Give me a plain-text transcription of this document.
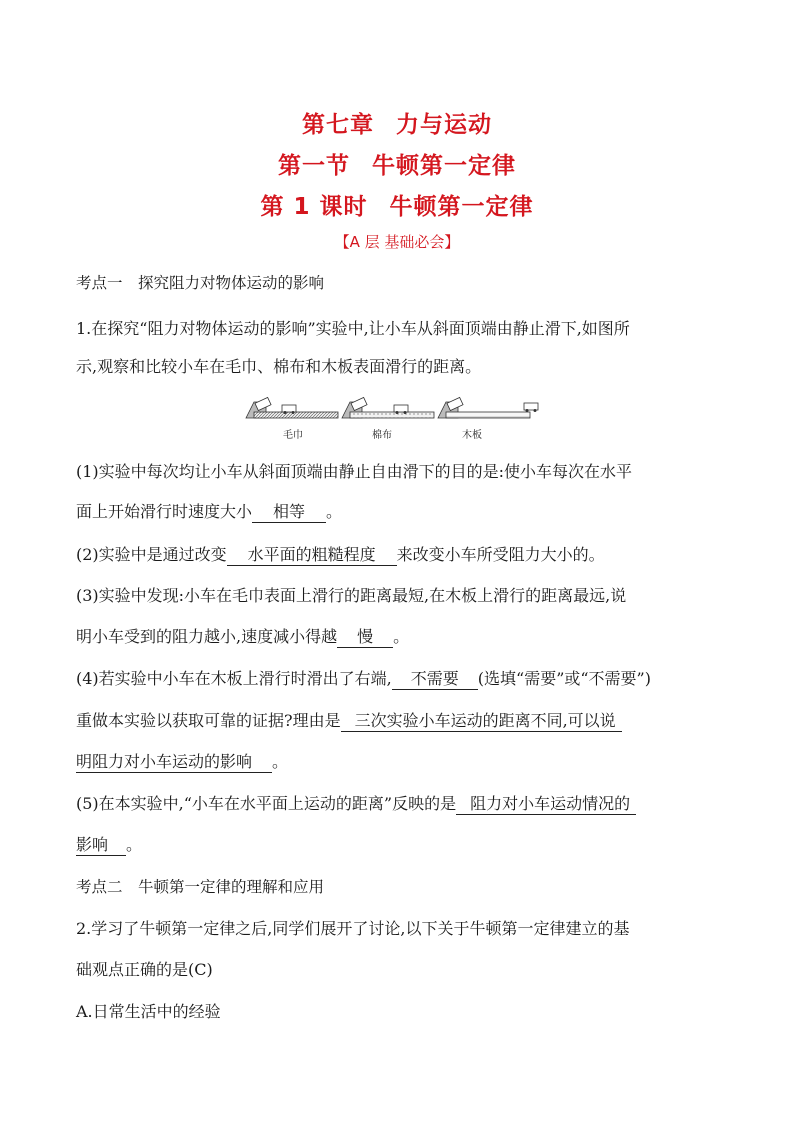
第七章 力与运动
第一节 牛顿第一定律
第 1 课时 牛顿第一定律
【A 层 基础必会】
考点一　探究阻力对物体运动的影响
1.在探究“阻力对物体运动的影响”实验中,让小车从斜面顶端由静止滑下,如图所
示,观察和比较小车在毛巾、棉布和木板表面滑行的距离。
毛巾	棉布	木板
(1)实验中每次均让小车从斜面顶端由静止自由滑下的目的是:使小车每次在水平
面上开始滑行时速度大小 相等 。
(2)实验中是通过改变 水平面的粗糙程度 来改变小车所受阻力大小的。
(3)实验中发现:小车在毛巾表面上滑行的距离最短,在木板上滑行的距离最远,说
明小车受到的阻力越小,速度减小得越 慢 。
(4)若实验中小车在木板上滑行时滑出了右端, 不需要 (选填“需要”或“不需要”)
重做本实验以获取可靠的证据?理由是 三次实验小车运动的距离不同,可以说
明阻力对小车运动的影响 。
(5)在本实验中,“小车在水平面上运动的距离”反映的是 阻力对小车运动情况的
影响 。
考点二　牛顿第一定律的理解和应用
2.学习了牛顿第一定律之后,同学们展开了讨论,以下关于牛顿第一定律建立的基
础观点正确的是(C)
A.日常生活中的经验
